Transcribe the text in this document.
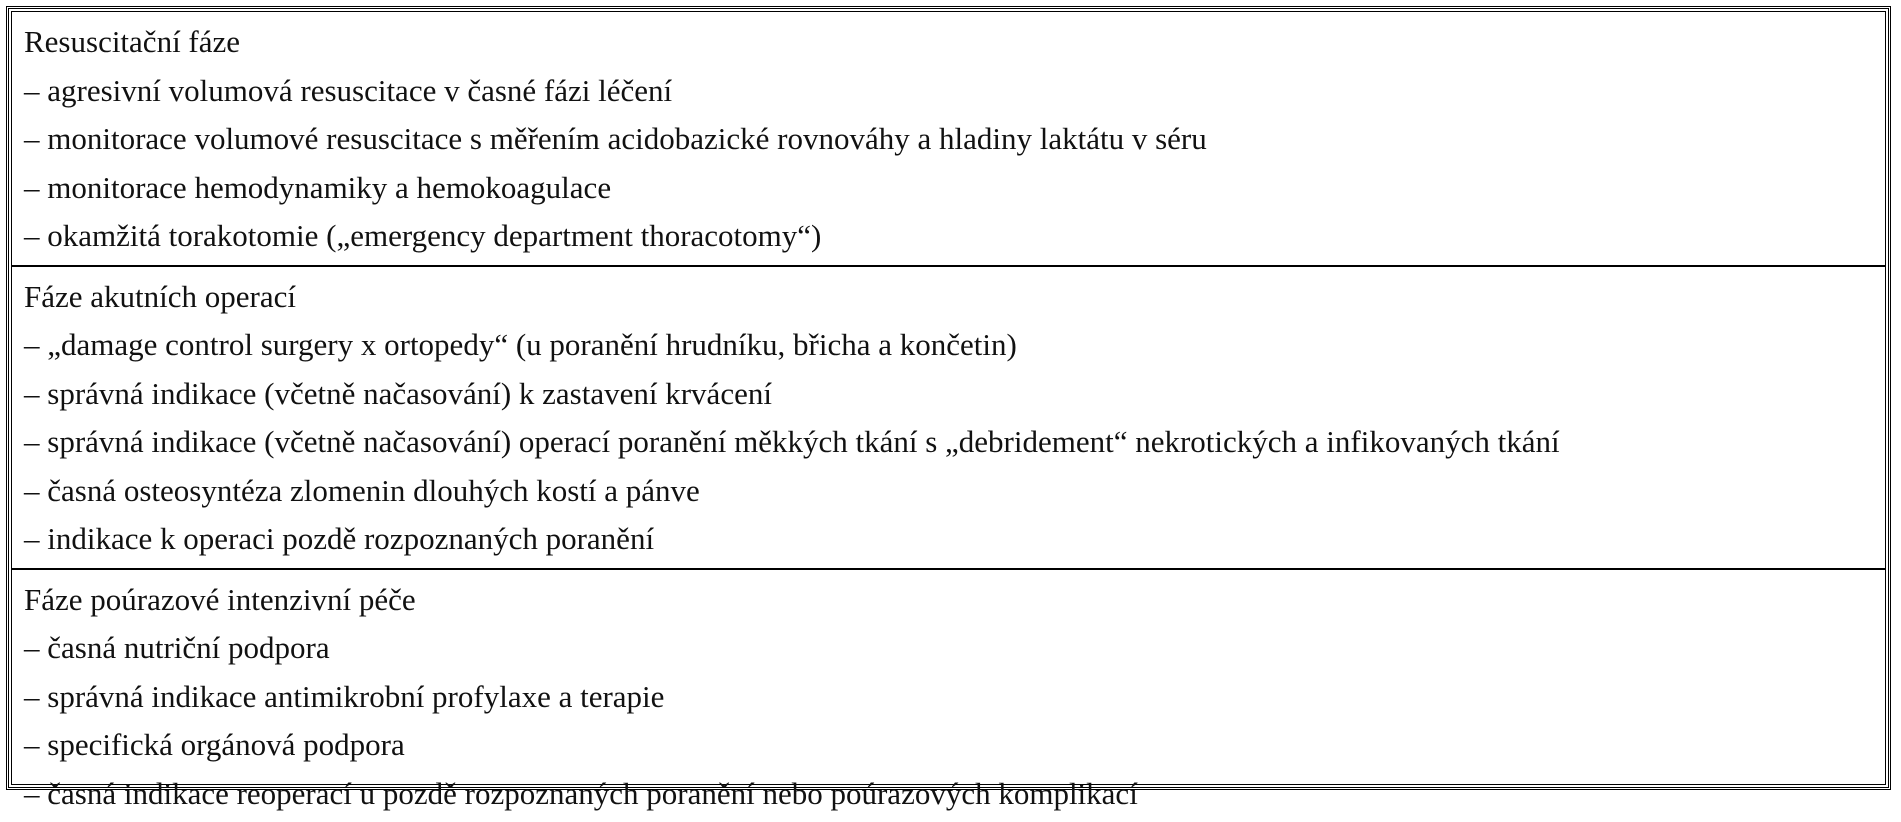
Resuscitační fáze
– agresivní volumová resuscitace v časné fázi léčení
– monitorace volumové resuscitace s měřením acidobazické rovnováhy a hladiny laktátu v séru
– monitorace hemodynamiky a hemokoagulace
– okamžitá torakotomie („emergency department thoracotomy“)
Fáze akutních operací
– „damage control surgery x ortopedy“ (u poranění hrudníku, břicha a končetin)
– správná indikace (včetně načasování) k zastavení krvácení
– správná indikace (včetně načasování) operací poranění měkkých tkání s „debridement“ nekrotických a infikovaných tkání
– časná osteosyntéza zlomenin dlouhých kostí a pánve
– indikace k operaci pozdě rozpoznaných poranění
Fáze poúrazové intenzivní péče
– časná nutriční podpora
– správná indikace antimikrobní profylaxe a terapie
– specifická orgánová podpora
– časná indikace reoperací u pozdě rozpoznaných poranění nebo poúrazových komplikací
